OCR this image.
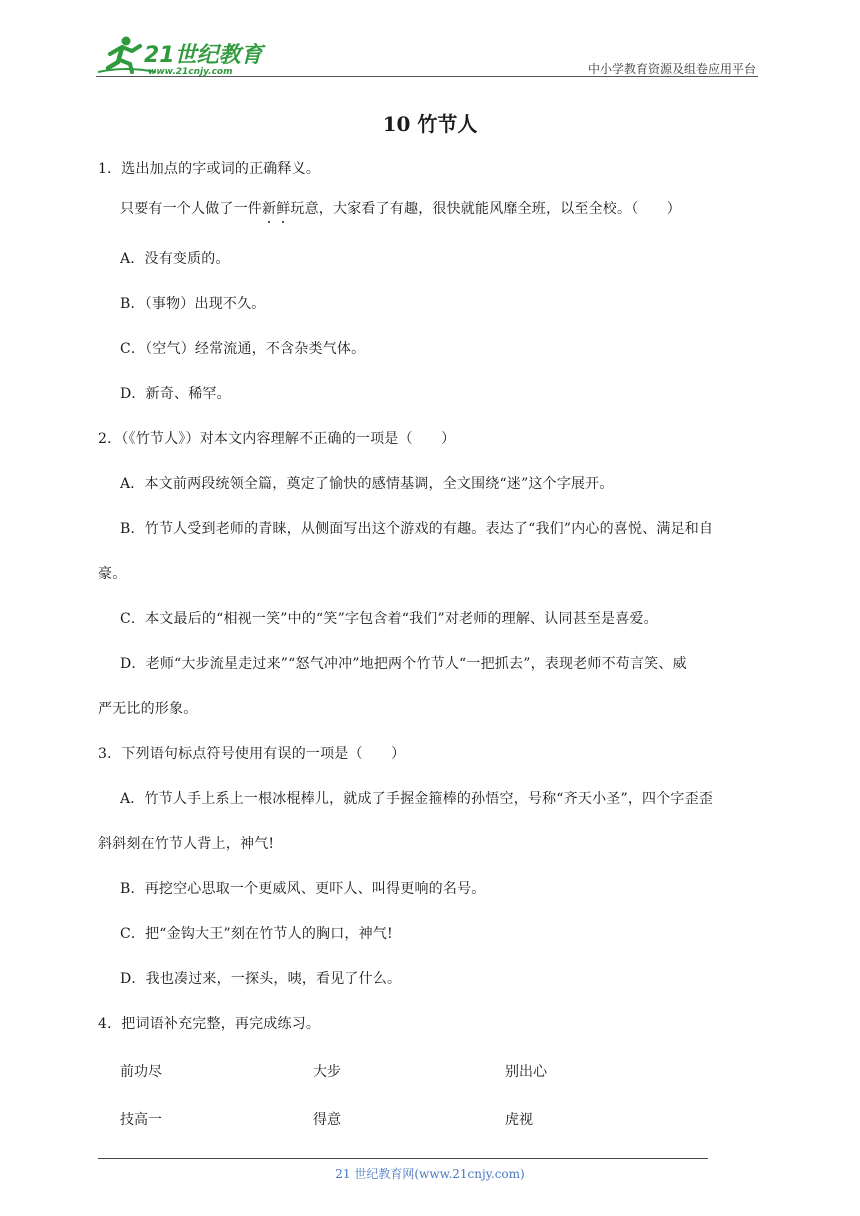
21世纪教育
www.21cnjy.com	中小学教育资源及组卷应用平台
10 竹节人
1．选出加点的字或词的正确释义。
只要有一个人做了一件新鲜玩意，大家看了有趣，很快就能风靡全班，以至全校。（　　）
A．没有变质的。
B．（事物）出现不久。
C．（空气）经常流通，不含杂类气体。
D．新奇、稀罕。
2．（《竹节人》）对本文内容理解不正确的一项是（　　）
A．本文前两段统领全篇，奠定了愉快的感情基调，全文围绕“迷”这个字展开。
B．竹节人受到老师的青睐，从侧面写出这个游戏的有趣。表达了“我们”内心的喜悦、满足和自
豪。
C．本文最后的“相视一笑”中的“笑”字包含着“我们”对老师的理解、认同甚至是喜爱。
D．老师“大步流星走过来”“怒气冲冲”地把两个竹节人“一把抓去”，表现老师不苟言笑、威
严无比的形象。
3．下列语句标点符号使用有误的一项是（　　）
A．竹节人手上系上一根冰棍棒儿，就成了手握金箍棒的孙悟空，号称“齐天小圣”，四个字歪歪
斜斜刻在竹节人背上，神气!
B．再挖空心思取一个更威风、更吓人、叫得更响的名号。
C．把“金钩大王”刻在竹节人的胸口，神气!
D．我也凑过来，一探头，咦，看见了什么。
4．把词语补充完整，再完成练习。
前功尽	大步	别出心
技高一	得意	虎视
21 世纪教育网(www.21cnjy.com)
